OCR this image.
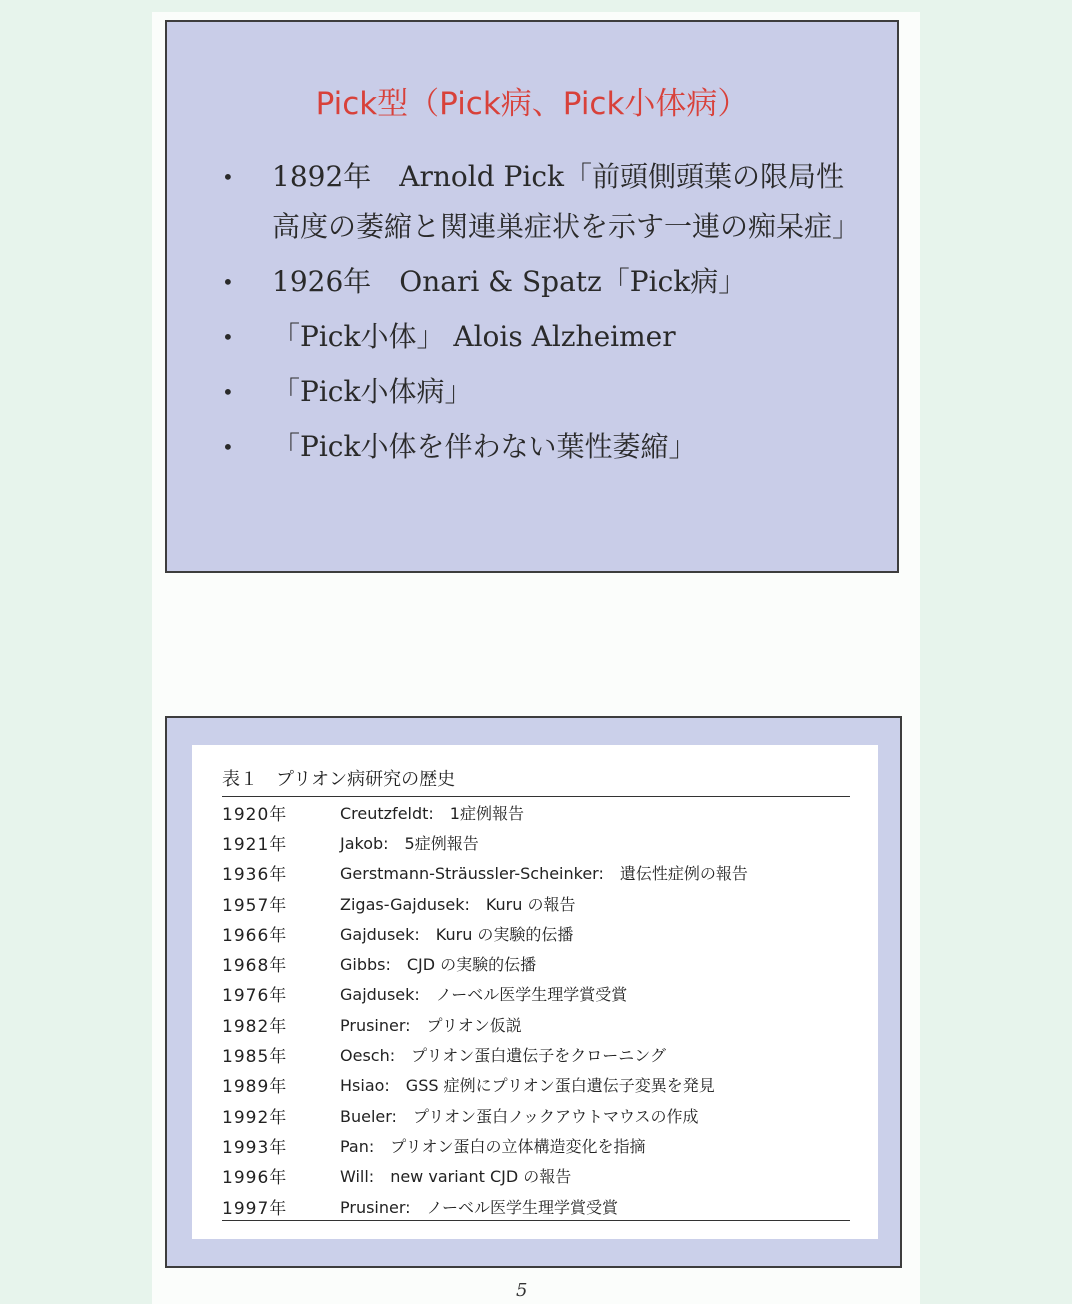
Pick型（Pick病、Pick小体病）
• 1892年　Arnold Pick「前頭側頭葉の限局性高度の萎縮と関連巣症状を示す一連の痴呆症」
• 1926年　Onari & Spatz「Pick病」
• 「Pick小体」 Alois Alzheimer
• 「Pick小体病」
• 「Pick小体を伴わない葉性萎縮」
表１　プリオン病研究の歴史
1920年	Creutzfeldt:　1症例報告
1921年	Jakob:　5症例報告
1936年	Gerstmann-Sträussler-Scheinker:　遺伝性症例の報告
1957年	Zigas-Gajdusek:　Kuru の報告
1966年	Gajdusek:　Kuru の実験的伝播
1968年	Gibbs:　CJD の実験的伝播
1976年	Gajdusek:　ノーベル医学生理学賞受賞
1982年	Prusiner:　プリオン仮説
1985年	Oesch:　プリオン蛋白遺伝子をクローニング
1989年	Hsiao:　GSS 症例にプリオン蛋白遺伝子変異を発見
1992年	Bueler:　プリオン蛋白ノックアウトマウスの作成
1993年	Pan:　プリオン蛋白の立体構造変化を指摘
1996年	Will:　new variant CJD の報告
1997年	Prusiner:　ノーベル医学生理学賞受賞
5
